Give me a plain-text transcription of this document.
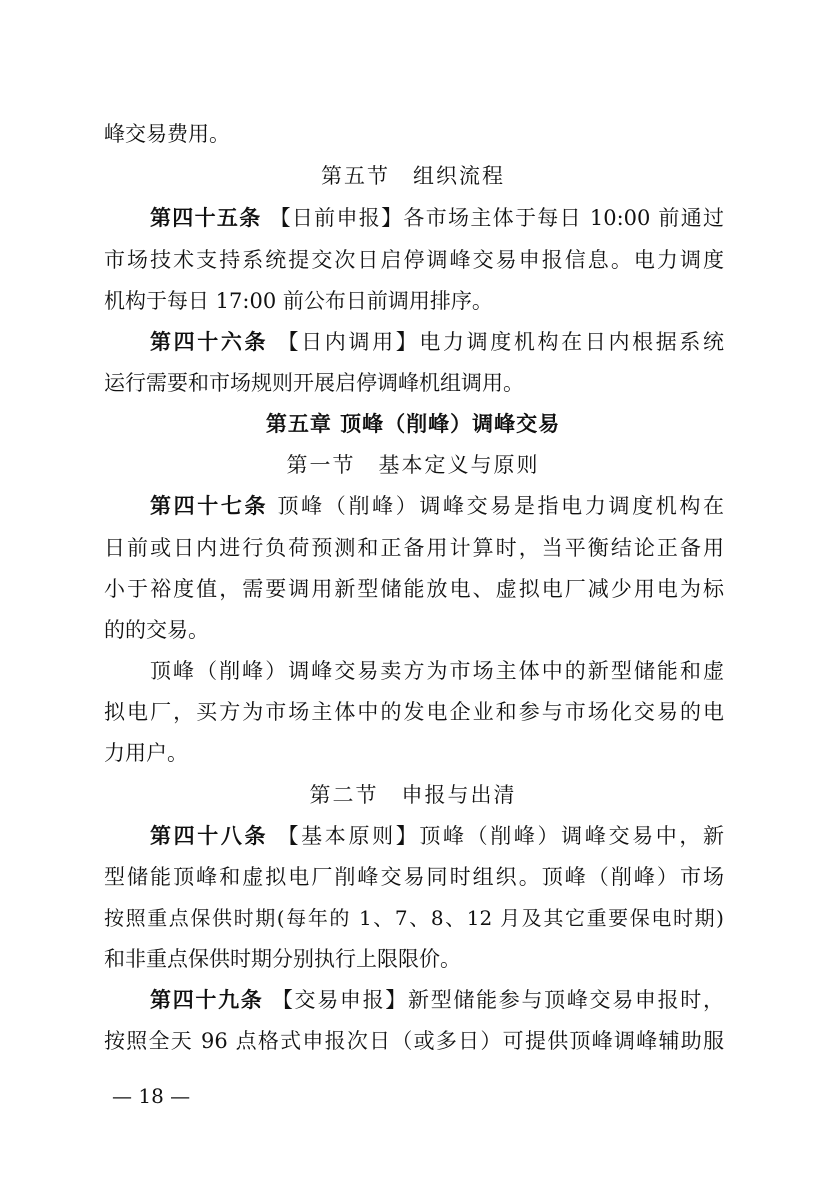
峰交易费用。
第五节　组织流程
第四十五条 【日前申报】各市场主体于每日 10:00 前通过
市场技术支持系统提交次日启停调峰交易申报信息。电力调度
机构于每日 17:00 前公布日前调用排序。
第四十六条 【日内调用】电力调度机构在日内根据系统
运行需要和市场规则开展启停调峰机组调用。
第五章 顶峰（削峰）调峰交易
第一节　基本定义与原则
第四十七条 顶峰（削峰）调峰交易是指电力调度机构在
日前或日内进行负荷预测和正备用计算时，当平衡结论正备用
小于裕度值，需要调用新型储能放电、虚拟电厂减少用电为标
的的交易。
顶峰（削峰）调峰交易卖方为市场主体中的新型储能和虚
拟电厂，买方为市场主体中的发电企业和参与市场化交易的电
力用户。
第二节　申报与出清
第四十八条 【基本原则】顶峰（削峰）调峰交易中，新
型储能顶峰和虚拟电厂削峰交易同时组织。顶峰（削峰）市场
按照重点保供时期(每年的 1、7、8、12 月及其它重要保电时期)
和非重点保供时期分别执行上限限价。
第四十九条 【交易申报】新型储能参与顶峰交易申报时，
按照全天 96 点格式申报次日（或多日）可提供顶峰调峰辅助服
— 18 —
